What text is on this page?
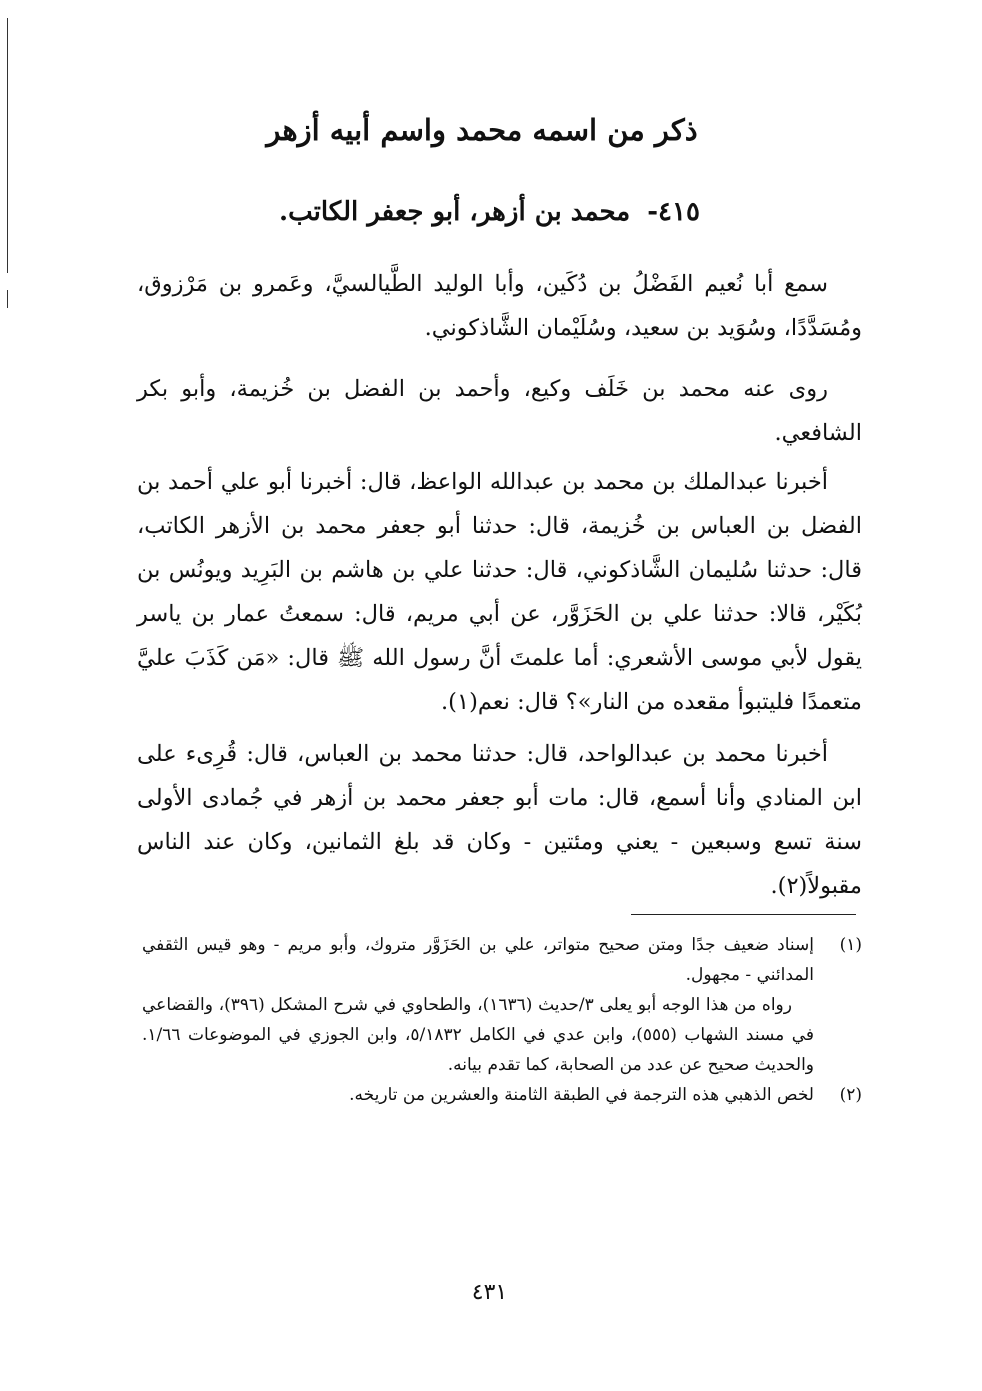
ذكر من اسمه محمد واسم أبيه أزهر
٤١٥- محمد بن أزهر، أبو جعفر الكاتب.

سمع أبا نُعيم الفَضْلُ بن دُكَين، وأبا الوليد الطَّيالسيَّ، وعَمرو بن مَرْزوق، ومُسَدَّدًا، وسُوَيد بن سعيد، وسُلَيْمان الشَّاذكوني.

روى عنه محمد بن خَلَف وكيع، وأحمد بن الفضل بن خُزيمة، وأبو بكر الشافعي.

أخبرنا عبدالملك بن محمد بن عبدالله الواعظ، قال: أخبرنا أبو علي أحمد بن الفضل بن العباس بن خُزيمة، قال: حدثنا أبو جعفر محمد بن الأزهر الكاتب، قال: حدثنا سُليمان الشَّاذكوني، قال: حدثنا علي بن هاشم بن البَرِيد ويونُس بن بُكَيْر، قالا: حدثنا علي بن الحَزَوَّر، عن أبي مريم، قال: سمعتُ عمار بن ياسر يقول لأبي موسى الأشعري: أما علمتَ أنَّ رسول الله ﷺ قال: «مَن كَذَبَ عليَّ متعمدًا فليتبوأ مقعده من النار»؟ قال: نعم(١).

أخبرنا محمد بن عبدالواحد، قال: حدثنا محمد بن العباس، قال: قُرِىء على ابن المنادي وأنا أسمع، قال: مات أبو جعفر محمد بن أزهر في جُمادى الأولى سنة تسع وسبعين - يعني ومئتين - وكان قد بلغ الثمانين، وكان عند الناس مقبولاً(٢).

(١)
إسناد ضعيف جدًا ومتن صحيح متواتر، علي بن الحَزَوَّر متروك، وأبو مريم - وهو قيس الثقفي المدائني - مجهول.

رواه من هذا الوجه أبو يعلى ٣/حديث (١٦٣٦)، والطحاوي في شرح المشكل (٣٩٦)، والقضاعي في مسند الشهاب (٥٥٥)، وابن عدي في الكامل ٥/١٨٣٢، وابن الجوزي في الموضوعات ١/٦٦. والحديث صحيح عن عدد من الصحابة، كما تقدم بيانه.

(٢)
لخص الذهبي هذه الترجمة في الطبقة الثامنة والعشرين من تاريخه.

٤٣١
